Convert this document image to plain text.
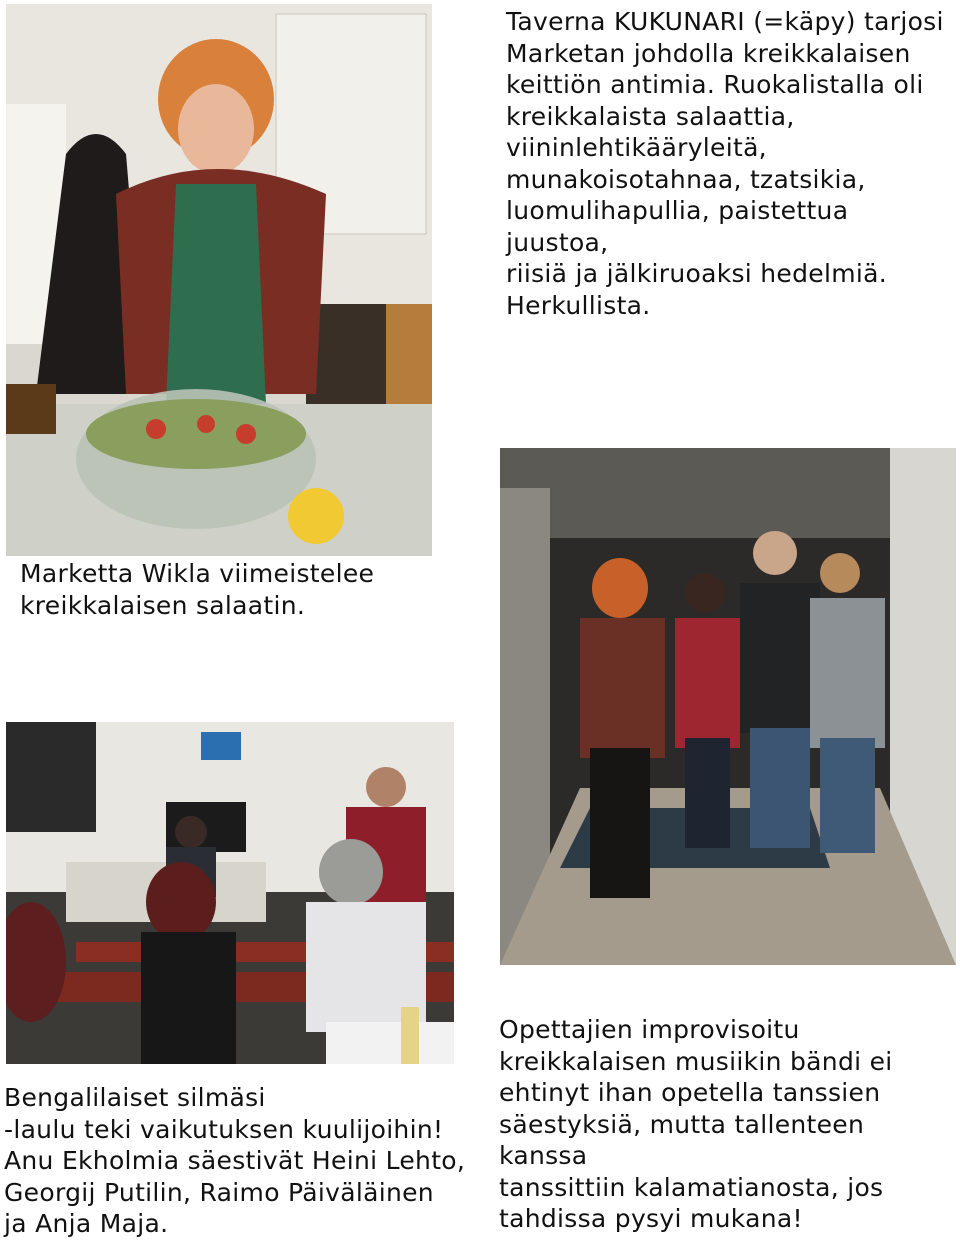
Taverna KUKUNARI (=käpy) tarjosi
Marketan johdolla kreikkalaisen
keittiön antimia. Ruokalistalla oli
kreikkalaista salaattia,
viininlehtikääryleitä,
munakoisotahnaa, tzatsikia,
luomulihapullia, paistettua juustoa,
riisiä ja jälkiruoaksi hedelmiä.
Herkullista.

Marketta Wikla viimeistelee
kreikkalaisen salaatin.

Bengalilaiset silmäsi
-laulu teki vaikutuksen kuulijoihin!
Anu Ekholmia säestivät Heini Lehto,
Georgij Putilin, Raimo Päiväläinen
ja Anja Maja.

Opettajien improvisoitu
kreikkalaisen musiikin bändi ei
ehtinyt ihan opetella tanssien
säestyksiä, mutta tallenteen kanssa
tanssittiin kalamatianosta, jos
tahdissa pysyi mukana!
